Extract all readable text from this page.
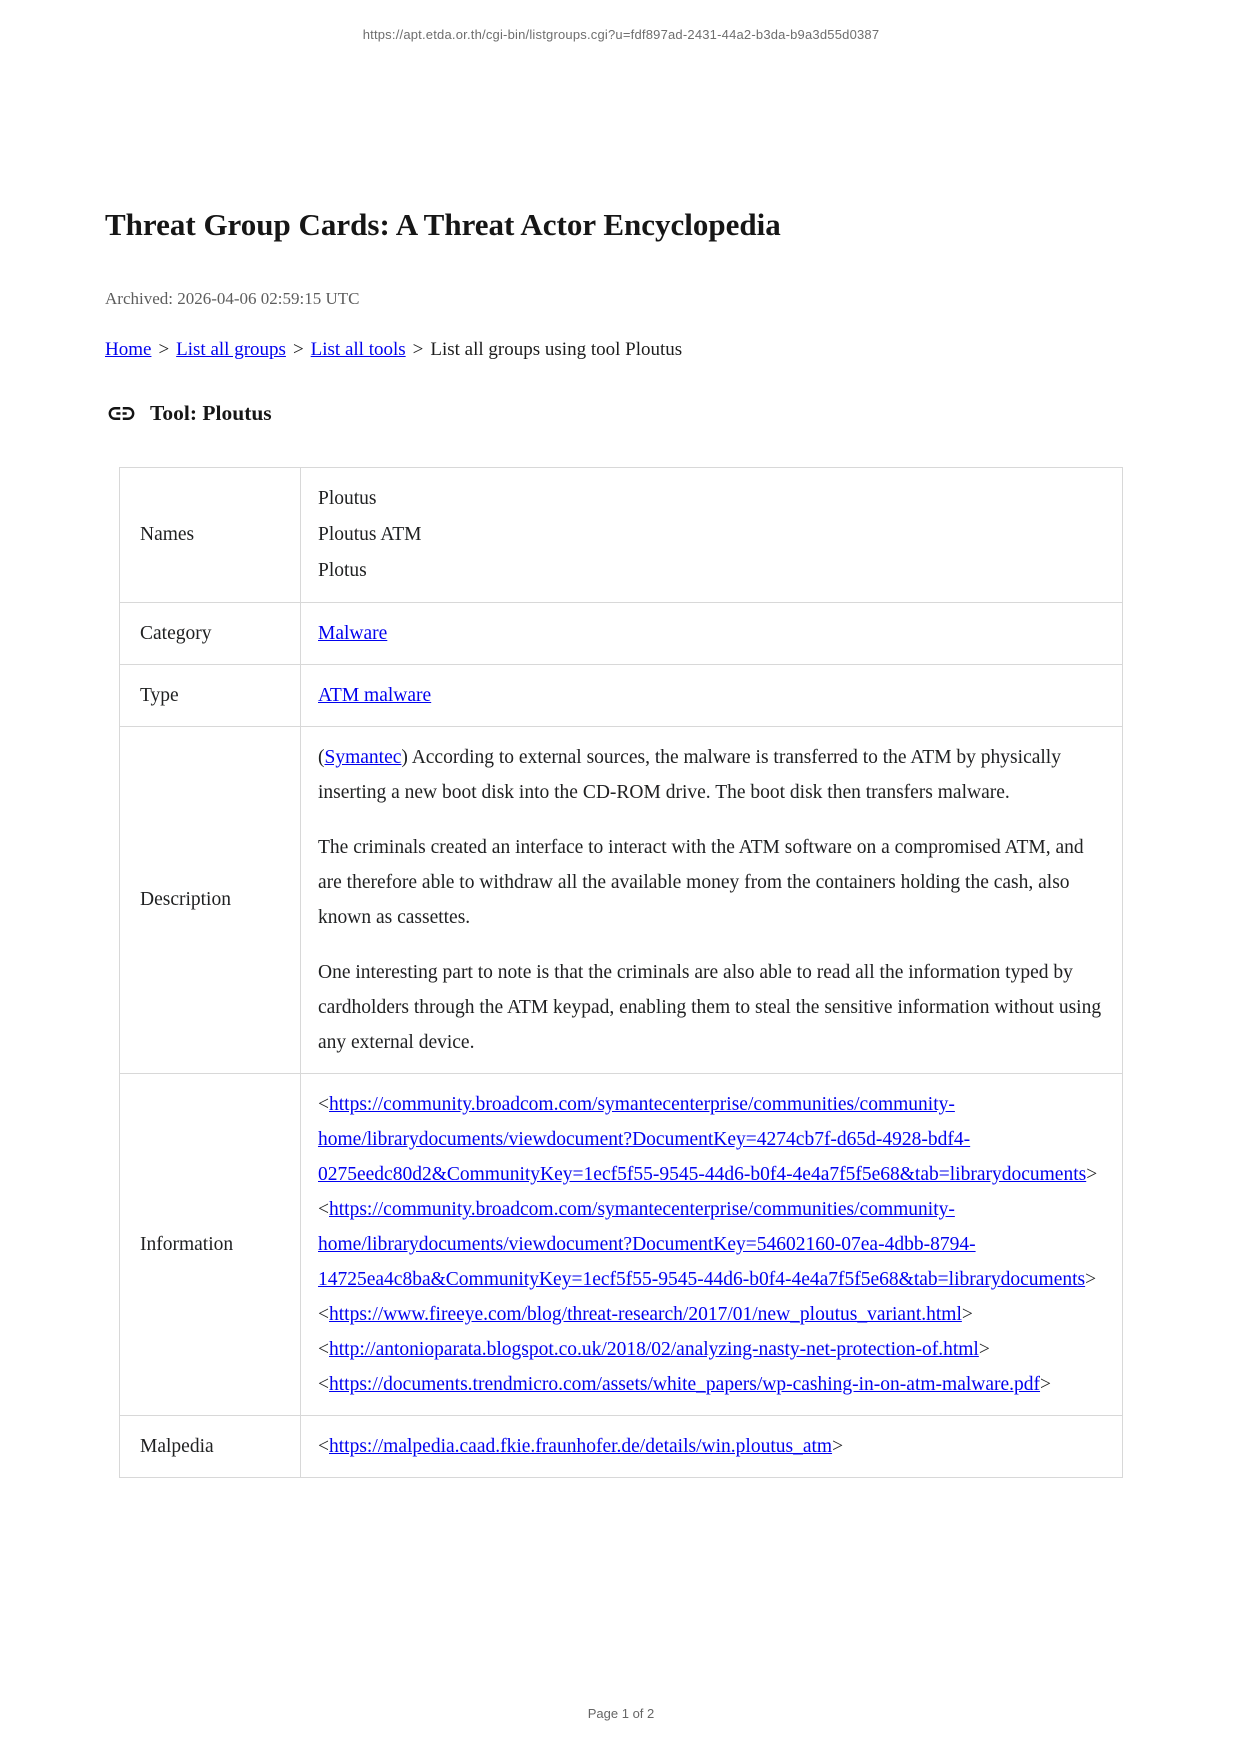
https://apt.etda.or.th/cgi-bin/listgroups.cgi?u=fdf897ad-2431-44a2-b3da-b9a3d55d0387
Threat Group Cards: A Threat Actor Encyclopedia
Archived: 2026-04-06 02:59:15 UTC
Home > List all groups > List all tools > List all groups using tool Ploutus
Tool: Ploutus
Names	Ploutus

Ploutus ATM

Plotus

Category	Malware
Type	ATM malware
Description	(Symantec) According to external sources, the malware is transferred to the ATM by physically inserting a new boot disk into the CD-ROM drive. The boot disk then transfers malware.

The criminals created an interface to interact with the ATM software on a compromised ATM, and are therefore able to withdraw all the available money from the containers holding the cash, also known as cassettes.

One interesting part to note is that the criminals are also able to read all the information typed by cardholders through the ATM keypad, enabling them to steal the sensitive information without using any external device.

Information	<https://community.broadcom.com/symantecenterprise/communities/community-home/librarydocuments/viewdocument?DocumentKey=4274cb7f-d65d-4928-bdf4-0275eedc80d2&CommunityKey=1ecf5f55-9545-44d6-b0f4-4e4a7f5f5e68&tab=librarydocuments>

<https://community.broadcom.com/symantecenterprise/communities/community-home/librarydocuments/viewdocument?DocumentKey=54602160-07ea-4dbb-8794-14725ea4c8ba&CommunityKey=1ecf5f55-9545-44d6-b0f4-4e4a7f5f5e68&tab=librarydocuments>

<https://www.fireeye.com/blog/threat-research/2017/01/new_ploutus_variant.html>

<http://antonioparata.blogspot.co.uk/2018/02/analyzing-nasty-net-protection-of.html>

<https://documents.trendmicro.com/assets/white_papers/wp-cashing-in-on-atm-malware.pdf>

Malpedia	<https://malpedia.caad.fkie.fraunhofer.de/details/win.ploutus_atm>
Page 1 of 2
